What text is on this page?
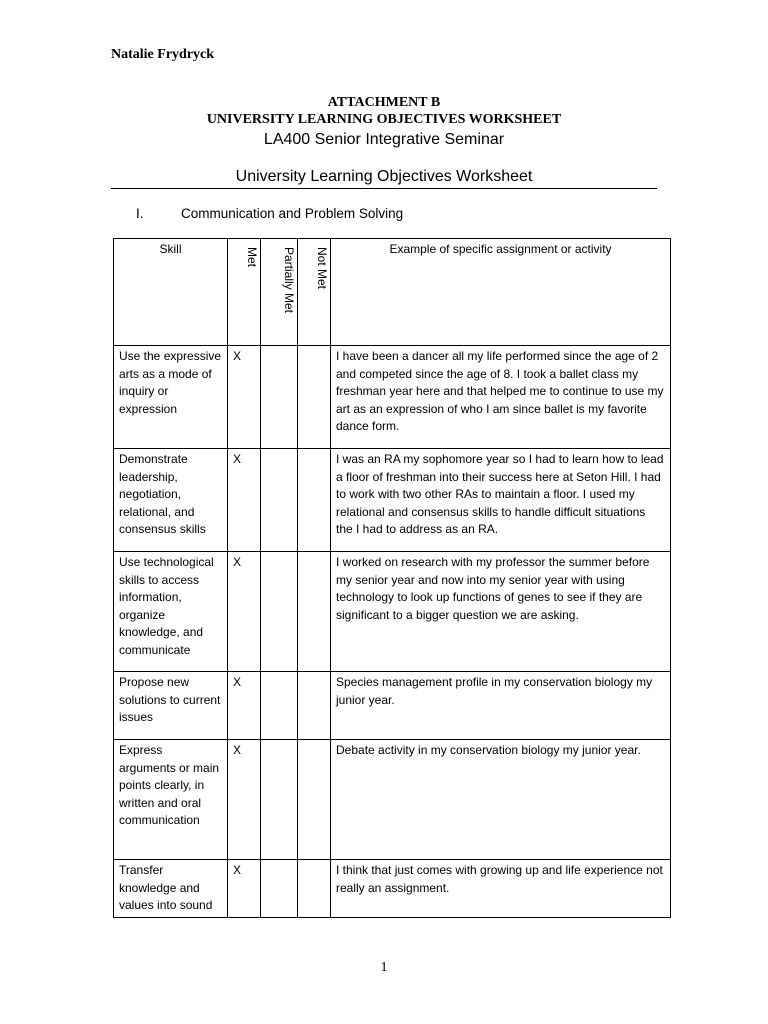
Natalie Frydryck
ATTACHMENT B
UNIVERSITY LEARNING OBJECTIVES WORKSHEET
LA400 Senior Integrative Seminar
University Learning Objectives Worksheet
I.	Communication and Problem Solving
Skill	Met	Partially Met	Not Met	Example of specific assignment or activity
Use the expressive arts as a mode of inquiry or expression	X			I have been a dancer all my life performed since the age of 2 and competed since the age of 8. I took a ballet class my freshman year here and that helped me to continue to use my art as an expression of who I am since ballet is my favorite dance form.
Demonstrate leadership, negotiation, relational, and consensus skills	X			I was an RA my sophomore year so I had to learn how to lead a floor of freshman into their success here at Seton Hill. I had to work with two other RAs to maintain a floor. I used my relational and consensus skills to handle difficult situations the I had to address as an RA.
Use technological skills to access information, organize knowledge, and communicate	X			I worked on research with my professor the summer before my senior year and now into my senior year with using technology to look up functions of genes to see if they are significant to a bigger question we are asking.
Propose new solutions to current issues	X			Species management profile in my conservation biology my junior year.
Express arguments or main points clearly, in written and oral communication	X			Debate activity in my conservation biology my junior year.
Transfer knowledge and values into sound	X			I think that just comes with growing up and life experience not really an assignment.
1
